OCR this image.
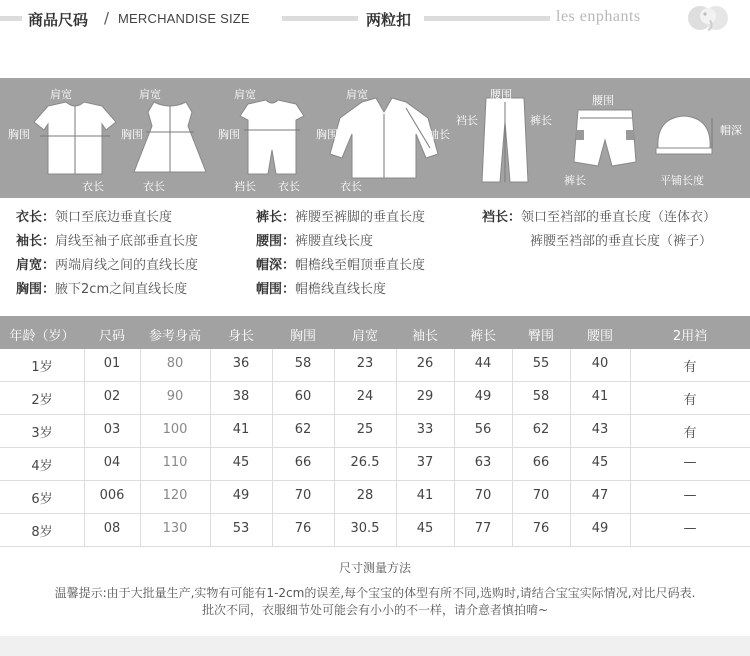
商品尺码 / MERCHANDISE SIZE	两粒扣	les enphants
肩宽
胸围
衣长
肩宽
胸围
衣长
肩宽
胸围
裆长 衣长
肩宽
胸围	袖长
衣长
腰围
裆长	裤长
腰围
裤长
帽深
平铺长度
衣长：领口至底边垂直长度
袖长：肩线至袖子底部垂直长度
肩宽：两端肩线之间的直线长度
胸围：腋下2cm之间直线长度
裤长：裤腰至裤脚的垂直长度
腰围：裤腰直线长度
帽深：帽檐线至帽顶垂直长度
帽围：帽檐线直线长度
裆长：领口至裆部的垂直长度（连体衣）
裤腰至裆部的垂直长度（裤子）
年龄（岁）	尺码	参考身高	身长	胸围	肩宽	袖长	裤长	臀围	腰围	2用裆
1岁	01	80	36	58	23	26	44	55	40	有
2岁	02	90	38	60	24	29	49	58	41	有
3岁	03	100	41	62	25	33	56	62	43	有
4岁	04	110	45	66	26.5	37	63	66	45	—
6岁	006	120	49	70	28	41	70	70	47	—
8岁	08	130	53	76	30.5	45	77	76	49	—
尺寸测量方法
温馨提示:由于大批量生产,实物有可能有1-2cm的误差,每个宝宝的体型有所不同,选购时,请结合宝宝实际情况,对比尺码表.
批次不同，衣服细节处可能会有小小的不一样，请介意者慎拍唷~
